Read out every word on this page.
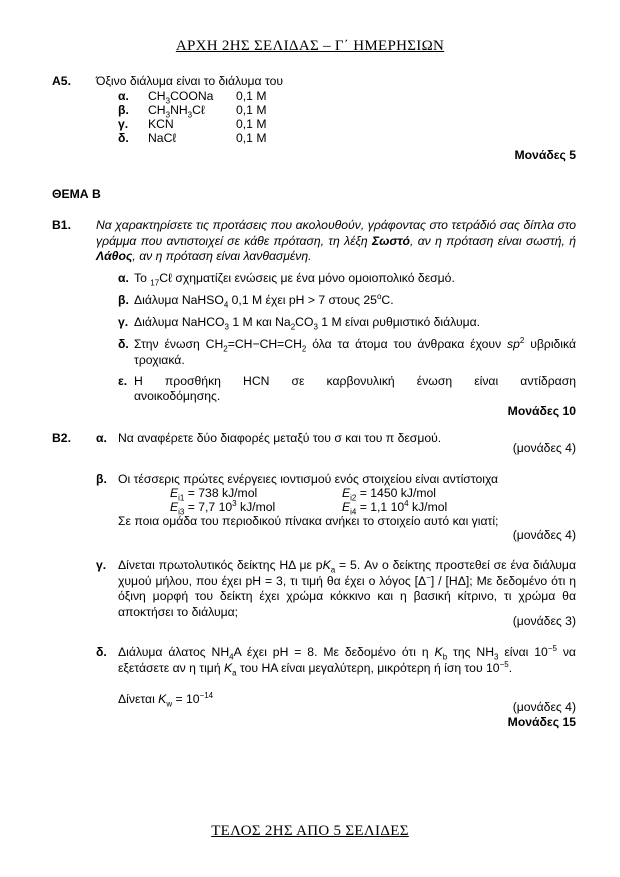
ΑΡΧΗ 2ΗΣ ΣΕΛΙΔΑΣ – Γ΄ ΗΜΕΡΗΣΙΩΝ
Α5. Όξινο διάλυμα είναι το διάλυμα του
α. $CH_3COONa$ 0,1 Μ
β. $CH_3NH_3C\ell$	0,1 Μ
γ. KCN	0,1 Μ
δ. NaCℓ	0,1 Μ
Μονάδες 5
ΘΕΜΑ Β
Β1. Να χαρακτηρίσετε τις προτάσεις που ακολουθούν, γράφοντας στο τετράδιό σας δίπλα στο γράμμα που αντιστοιχεί σε κάθε πρόταση, τη λέξη Σωστό, αν η πρόταση είναι σωστή, ή Λάθος, αν η πρόταση είναι λανθασμένη.
α. Το $_{17}$Cℓ σχηματίζει ενώσεις με ένα μόνο ομοιοπολικό δεσμό.
β. Διάλυμα NaHSO$_4$ 0,1 M έχει pH > 7 στους 25$^o$C.
γ. Διάλυμα NaHCO$_3$ 1 M και $Na_2CO_3$ 1 M είναι ρυθμιστικό διάλυμα.
δ. Στην ένωση $CH_2=CH-CH=CH_2$ όλα τα άτομα του άνθρακα έχουν $sp^2$ υβριδικά τροχιακά.
ε. Η προσθήκη HCN σε καρβονυλική ένωση είναι αντίδραση
ανοικοδόμησης.
Μονάδες 10
Β2. α. Να αναφέρετε δύο διαφορές μεταξύ του σ και του π δεσμού.
(μονάδες 4)
β. Οι τέσσερις πρώτες ενέργειες ιοντισμού ενός στοιχείου είναι αντίστοιχα
$E_{i1} = 738$ kJ/mol	$E_{i2} = 1450$ kJ/mol
$E_{i3} = 7,7$ $10^3$ kJ/mol	$E_{i4} = 1,1$ $10^4$ kJ/mol
Σε ποια ομάδα του περιοδικού πίνακα ανήκει το στοιχείο αυτό και γιατί;
(μονάδες 4)
γ. Δίνεται πρωτολυτικός δείκτης ΗΔ με $pK_a = 5$. Αν ο δείκτης προστεθεί σε ένα διάλυμα χυμού μήλου, που έχει pH = 3, τι τιμή θα έχει ο λόγος [Δ−] / [ΗΔ]; Με δεδομένο ότι η όξινη μορφή του δείκτη έχει χρώμα κόκκινο και η βασική κίτρινο, τι χρώμα θα αποκτήσει το διάλυμα;
(μονάδες 3)
δ. Διάλυμα άλατος $NH_4A$ έχει pH = 8. Με δεδομένο ότι η $K_b$ της $NH_3$ είναι $10^{-5}$ να εξετάσετε αν η τιμή $K_a$ του ΗΑ είναι μεγαλύτερη, μικρότερη ή ίση του $10^{-5}$.
Δίνεται $K_w = 10^{-14}$
(μονάδες 4)
Μονάδες 15
ΤΕΛΟΣ 2ΗΣ ΑΠΟ 5 ΣΕΛΙΔΕΣ
